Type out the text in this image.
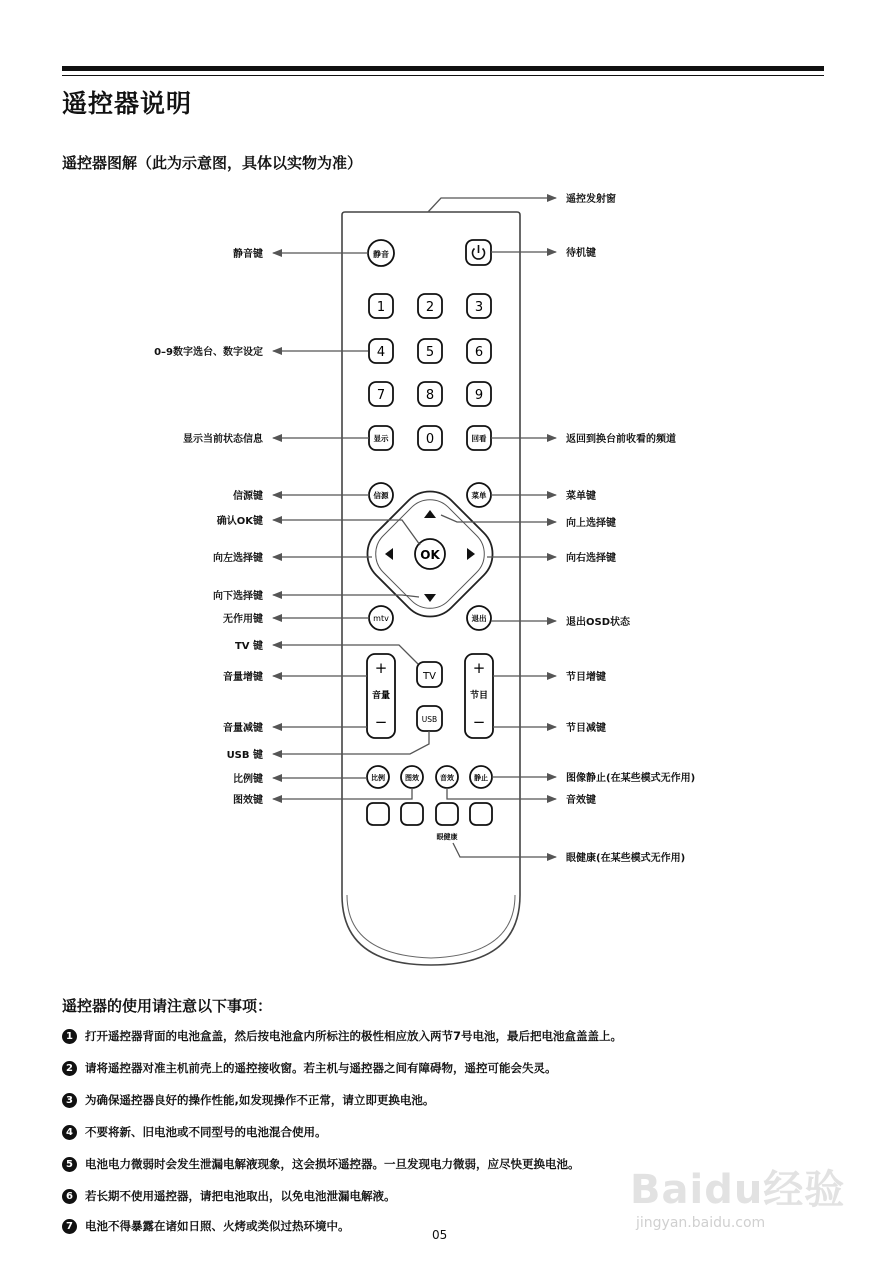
遥控器说明
遥控器图解（此为示意图，具体以实物为准）
静音
1	2	3
4	5	6
7	8	9
0
显示	回看
信源	菜单
OK
mtv	退出
+
音量
−
+
节目
−
TV
USB
比例	图效	音效	静止
眼健康
遥控发射窗
静音键	待机键
0–9数字选台、数字设定
显示当前状态信息	返回到换台前收看的频道
信源键	菜单键
确认OK键	向上选择键
向左选择键	向右选择键
向下选择键
无作用键	退出OSD状态
TV 键
音量增键	节目增键
音量减键	节目减键
USB 键
比例键	图像静止(在某些模式无作用)
图效键	音效键
眼健康(在某些模式无作用)
遥控器的使用请注意以下事项：
1 打开遥控器背面的电池盒盖，然后按电池盒内所标注的极性相应放入两节7号电池，最后把电池盒盖盖上。
2 请将遥控器对准主机前壳上的遥控接收窗。若主机与遥控器之间有障碍物，遥控可能会失灵。
3 为确保遥控器良好的操作性能,如发现操作不正常，请立即更换电池。
4 不要将新、旧电池或不同型号的电池混合使用。
5 电池电力微弱时会发生泄漏电解液现象，这会损坏遥控器。一旦发现电力微弱，应尽快更换电池。
6 若长期不使用遥控器，请把电池取出，以免电池泄漏电解液。
7 电池不得暴露在诸如日照、火烤或类似过热环境中。
05
Baidu经验
jingyan.baidu.com
